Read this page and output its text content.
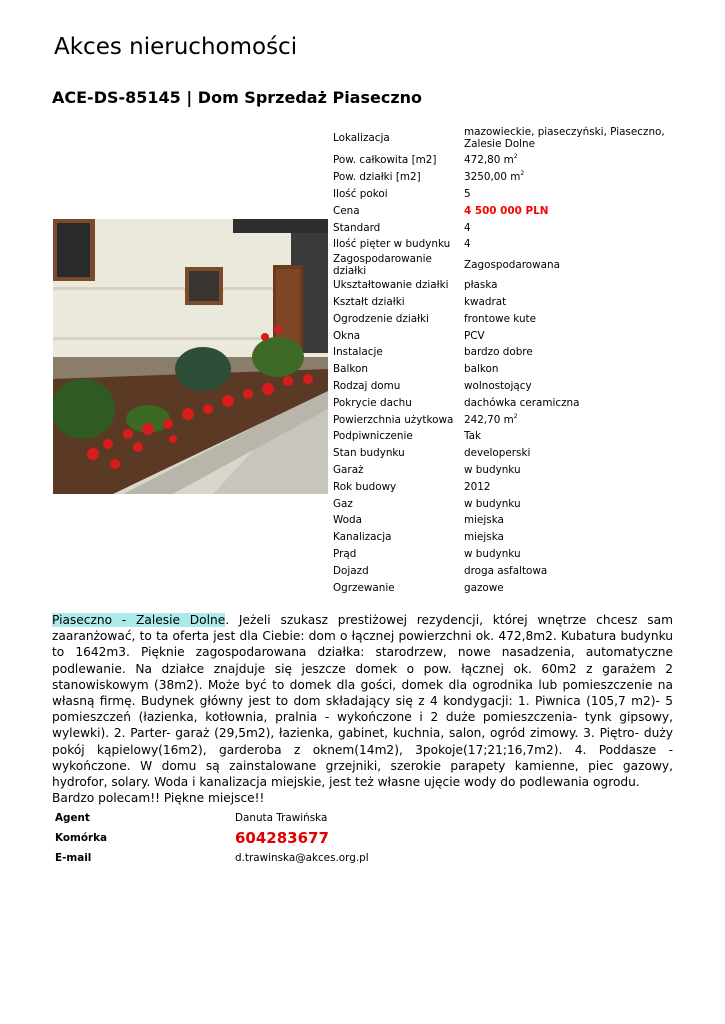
Akces nieruchomości
ACE-DS-85145 | Dom Sprzedaż Piaseczno
Lokalizacja	mazowieckie, piaseczyński, Piaseczno, Zalesie Dolne
Pow. całkowita [m2]	472,80 $m^2$
Pow. działki [m2]	3250,00 $m^2$
Ilość pokoi	5
Cena	4 500 000 PLN
Standard	4
Ilość pięter w budynku	4
Zagospodarowanie działki	Zagospodarowana
Ukształtowanie działki	płaska
Kształt działki	kwadrat
Ogrodzenie działki	frontowe kute
Okna	PCV
Instalacje	bardzo dobre
Balkon	balkon
Rodzaj domu	wolnostojący
Pokrycie dachu	dachówka ceramiczna
Powierzchnia użytkowa	242,70 $m^2$
Podpiwniczenie	Tak
Stan budynku	developerski
Garaż	w budynku
Rok budowy	2012
Gaz	w budynku
Woda	miejska
Kanalizacja	miejska
Prąd	w budynku
Dojazd	droga asfaltowa
Ogrzewanie	gazowe
Piaseczno - Zalesie Dolne. Jeżeli szukasz prestiżowej rezydencji, której wnętrze chcesz sam zaaranżować, to ta oferta jest dla Ciebie: dom o łącznej powierzchni ok. 472,8m2. Kubatura budynku to 1642m3. Pięknie zagospodarowana działka: starodrzew, nowe nasadzenia, automatyczne podlewanie. Na działce znajduje się jeszcze domek o pow. łącznej ok. 60m2 z garażem 2 stanowiskowym (38m2). Może być to domek dla gości, domek dla ogrodnika lub pomieszczenie na własną firmę. Budynek główny jest to dom składający się z 4 kondygacji: 1. Piwnica (105,7 m2)- 5 pomieszczeń (łazienka, kotłownia, pralnia - wykończone i 2 duże pomieszczenia- tynk gipsowy, wylewki). 2. Parter- garaż (29,5m2), łazienka, gabinet, kuchnia, salon, ogród zimowy. 3. Piętro- duży pokój kąpielowy(16m2), garderoba z oknem(14m2), 3pokoje(17;21;16,7m2). 4. Poddasze - wykończone. W domu są zainstalowane grzejniki, szerokie parapety kamienne, piec gazowy, hydrofor, solary. Woda i kanalizacja miejskie, jest też własne ujęcie wody do podlewania ogrodu.
Bardzo polecam!! Piękne miejsce!!
Agent	Danuta Trawińska
Komórka	604283677
E-mail	d.trawinska@akces.org.pl
